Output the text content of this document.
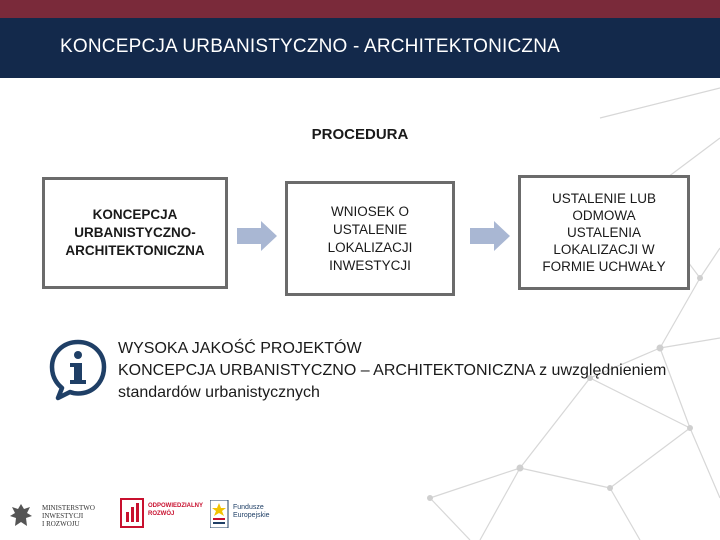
KONCEPCJA URBANISTYCZNO - ARCHITEKTONICZNA
PROCEDURA
KONCEPCJA
URBANISTYCZNO-
ARCHITEKTONICZNA
WNIOSEK O
USTALENIE
LOKALIZACJI
INWESTYCJI
USTALENIE LUB
ODMOWA
USTALENIA
LOKALIZACJI W
FORMIE UCHWAŁY
WYSOKA JAKOŚĆ PROJEKTÓW
KONCEPCJA URBANISTYCZNO – ARCHITEKTONICZNA z uwzględnieniem
standardów urbanistycznych
MINISTERSTWO
INWESTYCJI
I ROZWOJU
ODPOWIEDZIALNY
ROZWÓJ
Fundusze
Europejskie
